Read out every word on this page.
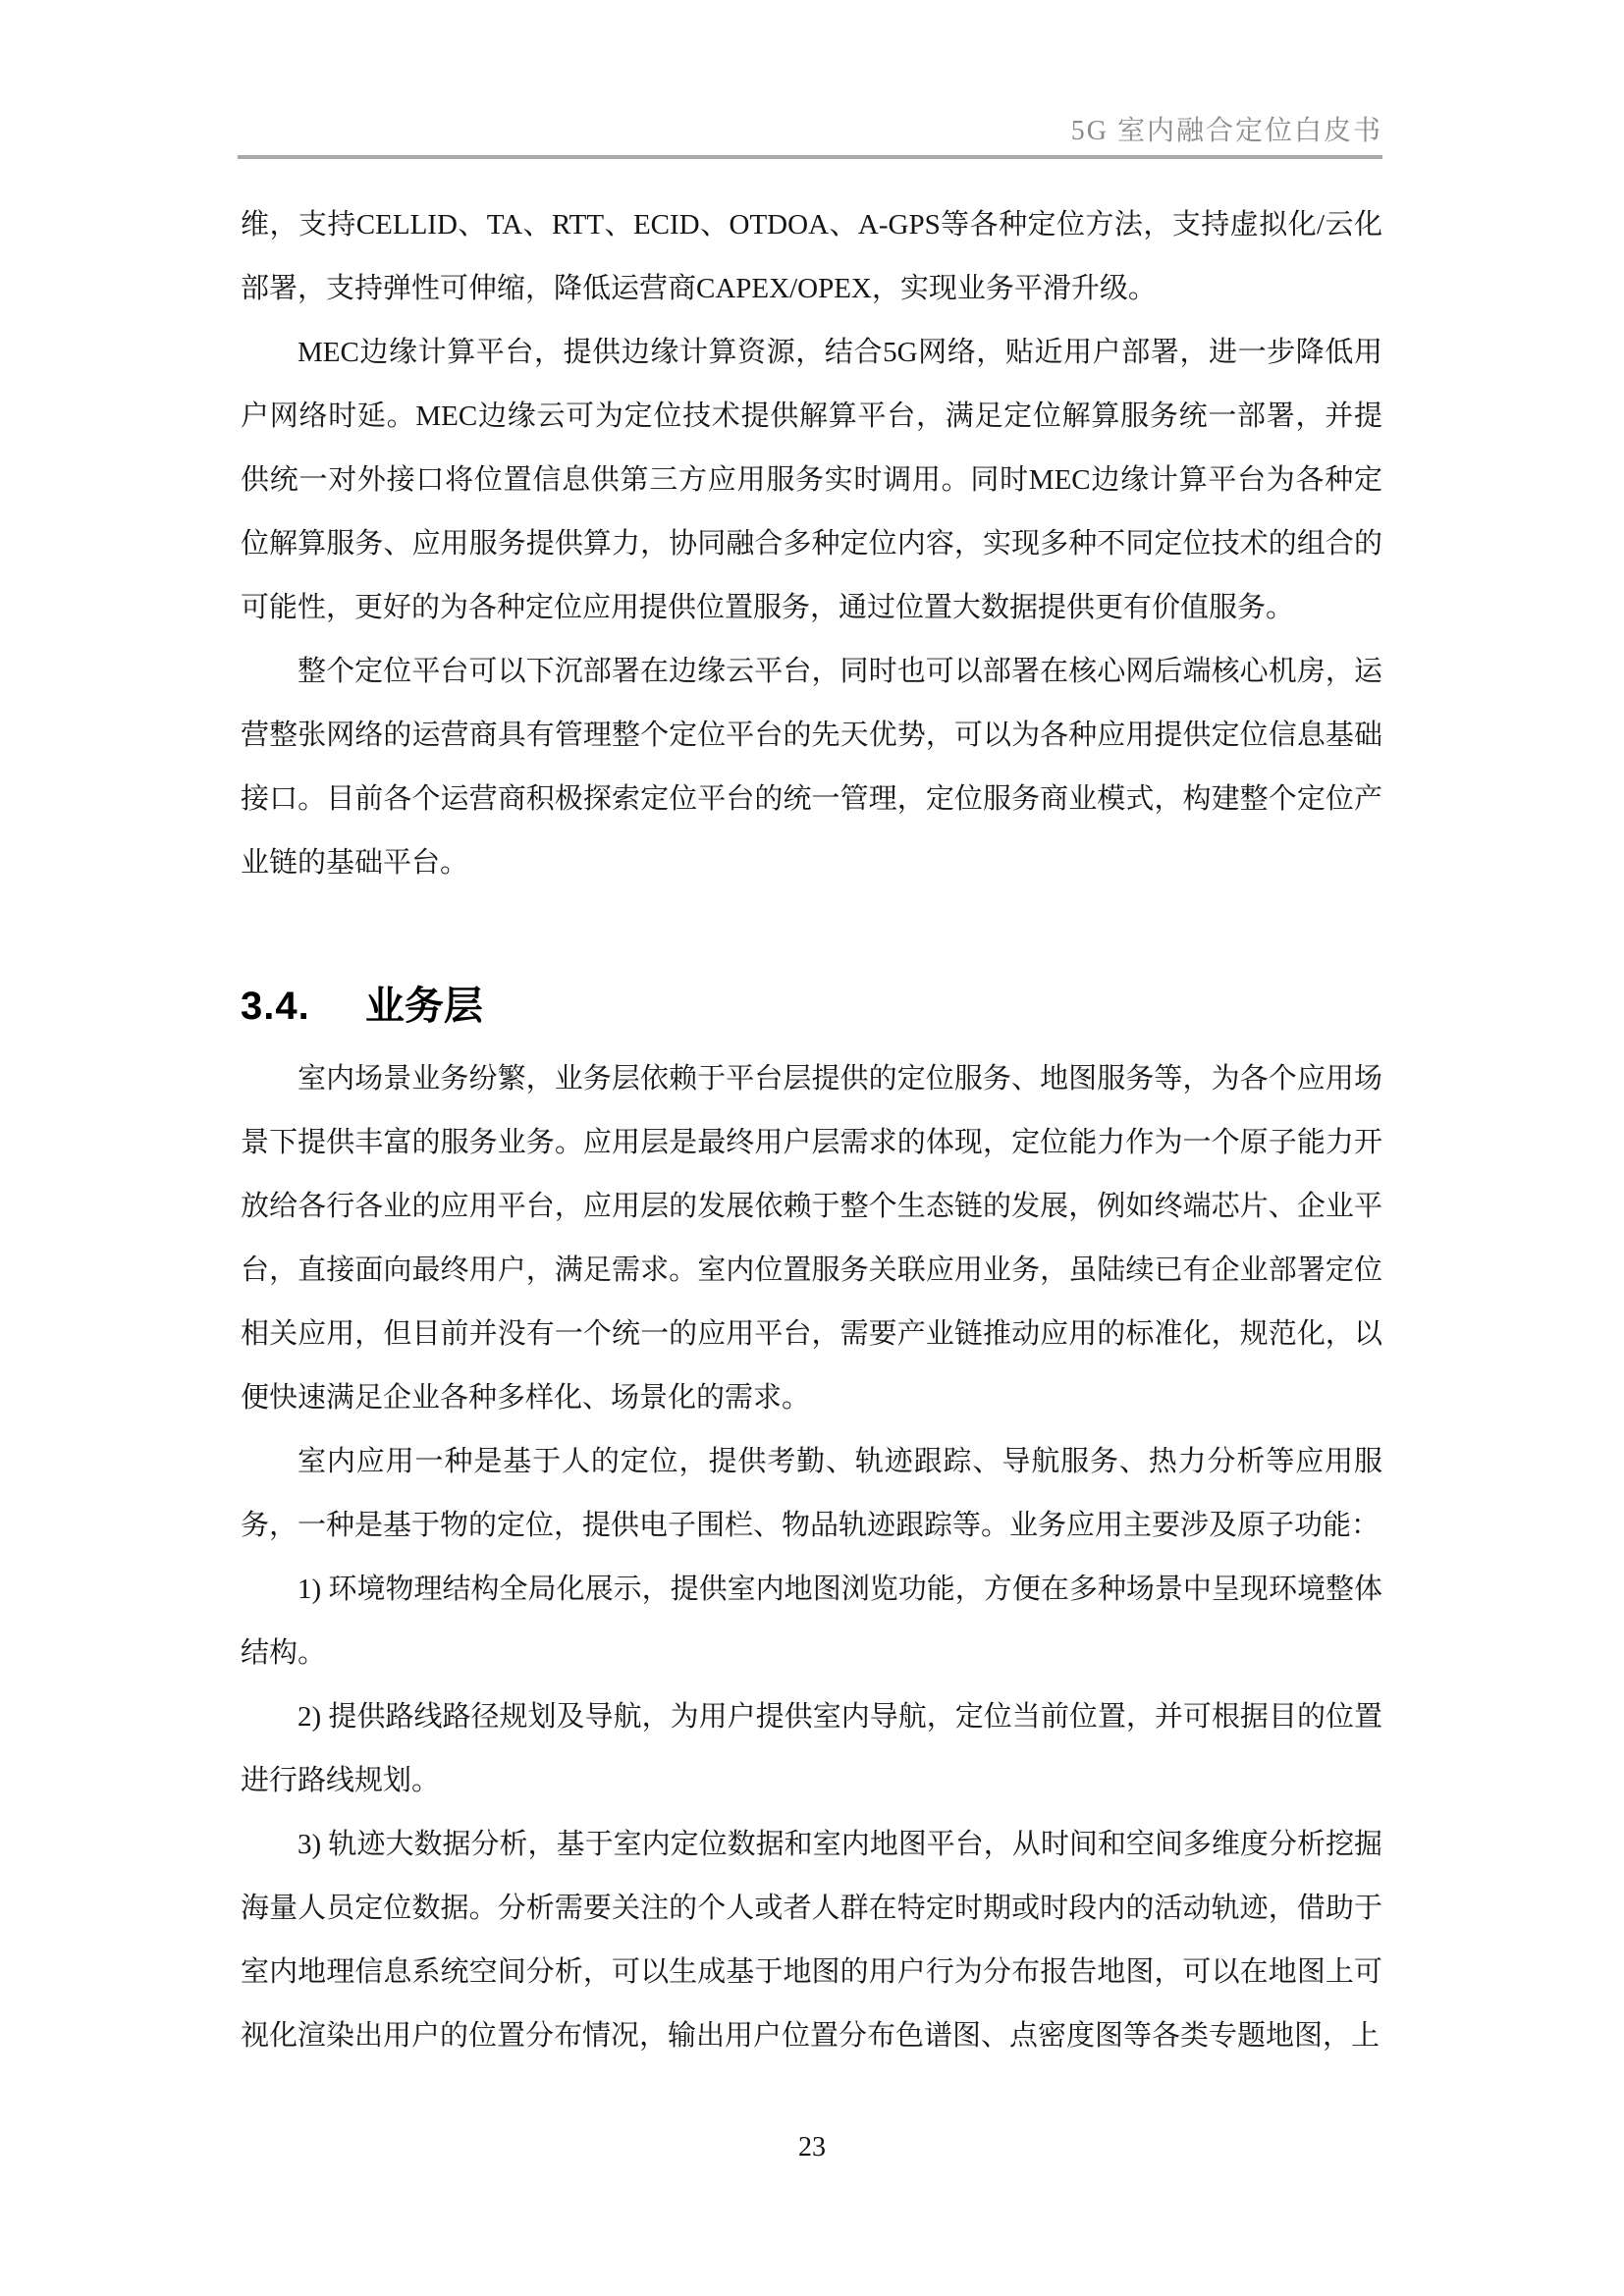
5G 室内融合定位白皮书

维，支持CELLID、TA、RTT、ECID、OTDOA、A-GPS等各种定位方法，支持虚拟化/云化部署，支持弹性可伸缩，降低运营商CAPEX/OPEX，实现业务平滑升级。

MEC边缘计算平台，提供边缘计算资源，结合5G网络，贴近用户部署，进一步降低用户网络时延。MEC边缘云可为定位技术提供解算平台，满足定位解算服务统一部署，并提供统一对外接口将位置信息供第三方应用服务实时调用。同时MEC边缘计算平台为各种定位解算服务、应用服务提供算力，协同融合多种定位内容，实现多种不同定位技术的组合的可能性，更好的为各种定位应用提供位置服务，通过位置大数据提供更有价值服务。

整个定位平台可以下沉部署在边缘云平台，同时也可以部署在核心网后端核心机房，运营整张网络的运营商具有管理整个定位平台的先天优势，可以为各种应用提供定位信息基础接口。目前各个运营商积极探索定位平台的统一管理，定位服务商业模式，构建整个定位产业链的基础平台。

3.4. 业务层

室内场景业务纷繁，业务层依赖于平台层提供的定位服务、地图服务等，为各个应用场景下提供丰富的服务业务。应用层是最终用户层需求的体现，定位能力作为一个原子能力开放给各行各业的应用平台，应用层的发展依赖于整个生态链的发展，例如终端芯片、企业平台，直接面向最终用户，满足需求。室内位置服务关联应用业务，虽陆续已有企业部署定位相关应用，但目前并没有一个统一的应用平台，需要产业链推动应用的标准化，规范化，以便快速满足企业各种多样化、场景化的需求。

室内应用一种是基于人的定位，提供考勤、轨迹跟踪、导航服务、热力分析等应用服务，一种是基于物的定位，提供电子围栏、物品轨迹跟踪等。业务应用主要涉及原子功能：

1) 环境物理结构全局化展示，提供室内地图浏览功能，方便在多种场景中呈现环境整体结构。

2) 提供路线路径规划及导航，为用户提供室内导航，定位当前位置，并可根据目的位置进行路线规划。

3) 轨迹大数据分析，基于室内定位数据和室内地图平台，从时间和空间多维度分析挖掘海量人员定位数据。分析需要关注的个人或者人群在特定时期或时段内的活动轨迹，借助于室内地理信息系统空间分析，可以生成基于地图的用户行为分布报告地图，可以在地图上可视化渲染出用户的位置分布情况，输出用户位置分布色谱图、点密度图等各类专题地图，上

23
